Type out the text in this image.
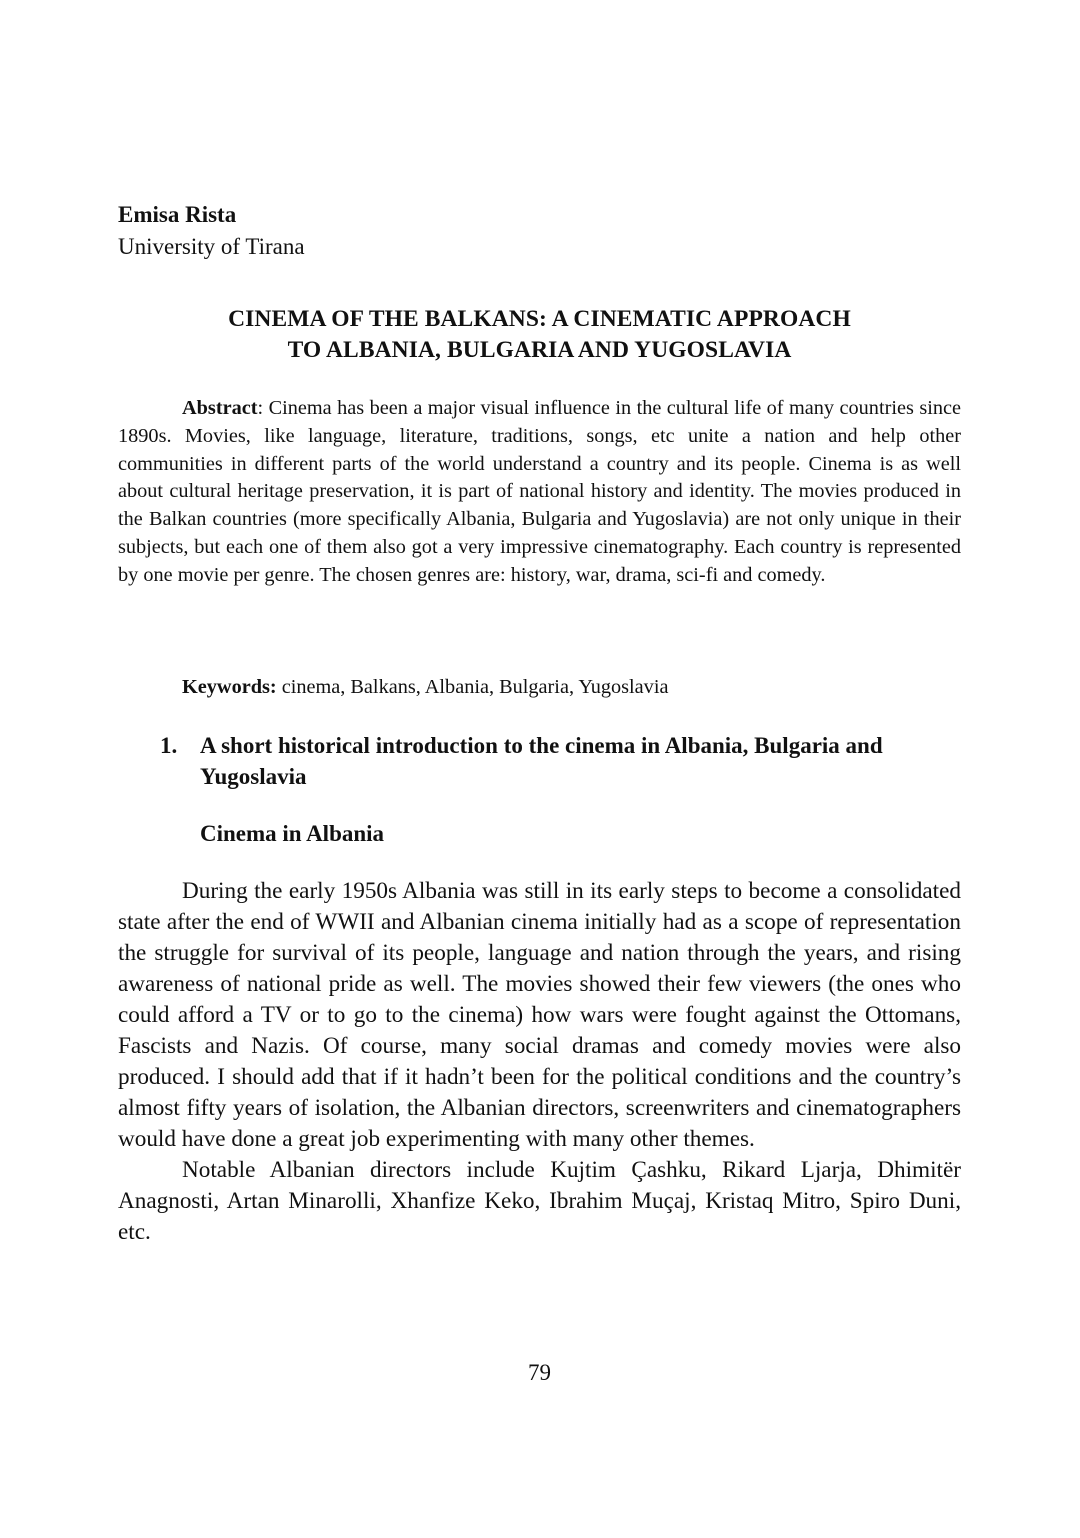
Emisa Rista
University of Tirana
CINEMA OF THE BALKANS: A CINEMATIC APPROACH
TO ALBANIA, BULGARIA AND YUGOSLAVIA

Abstract: Cinema has been a major visual influence in the cultural life of many countries since 1890s. Movies, like language, literature, traditions, songs, etc unite a nation and help other communities in different parts of the world understand a country and its people. Cinema is as well about cultural heritage preservation, it is part of national history and identity. The movies produced in the Balkan countries (more specifically Albania, Bulgaria and Yugoslavia) are not only unique in their subjects, but each one of them also got a very impressive cinematography. Each country is represented by one movie per genre. The chosen genres are: history, war, drama, sci-fi and comedy.

Keywords: cinema, Balkans, Albania, Bulgaria, Yugoslavia
1. A short historical introduction to the cinema in Albania, Bulgaria and Yugoslavia
Cinema in Albania

During the early 1950s Albania was still in its early steps to become a consolidated state after the end of WWII and Albanian cinema initially had as a scope of representation the struggle for survival of its people, language and nation through the years, and rising awareness of national pride as well. The movies showed their few viewers (the ones who could afford a TV or to go to the cinema) how wars were fought against the Ottomans, Fascists and Nazis. Of course, many social dramas and comedy movies were also produced. I should add that if it hadn’t been for the political conditions and the country’s almost fifty years of isolation, the Albanian directors, screenwriters and cinematographers would have done a great job experimenting with many other themes.

Notable Albanian directors include Kujtim Çashku, Rikard Ljarja, Dhimitër Anagnosti, Artan Minarolli, Xhanfize Keko, Ibrahim Muçaj, Kristaq Mitro, Spiro Duni, etc.

79
